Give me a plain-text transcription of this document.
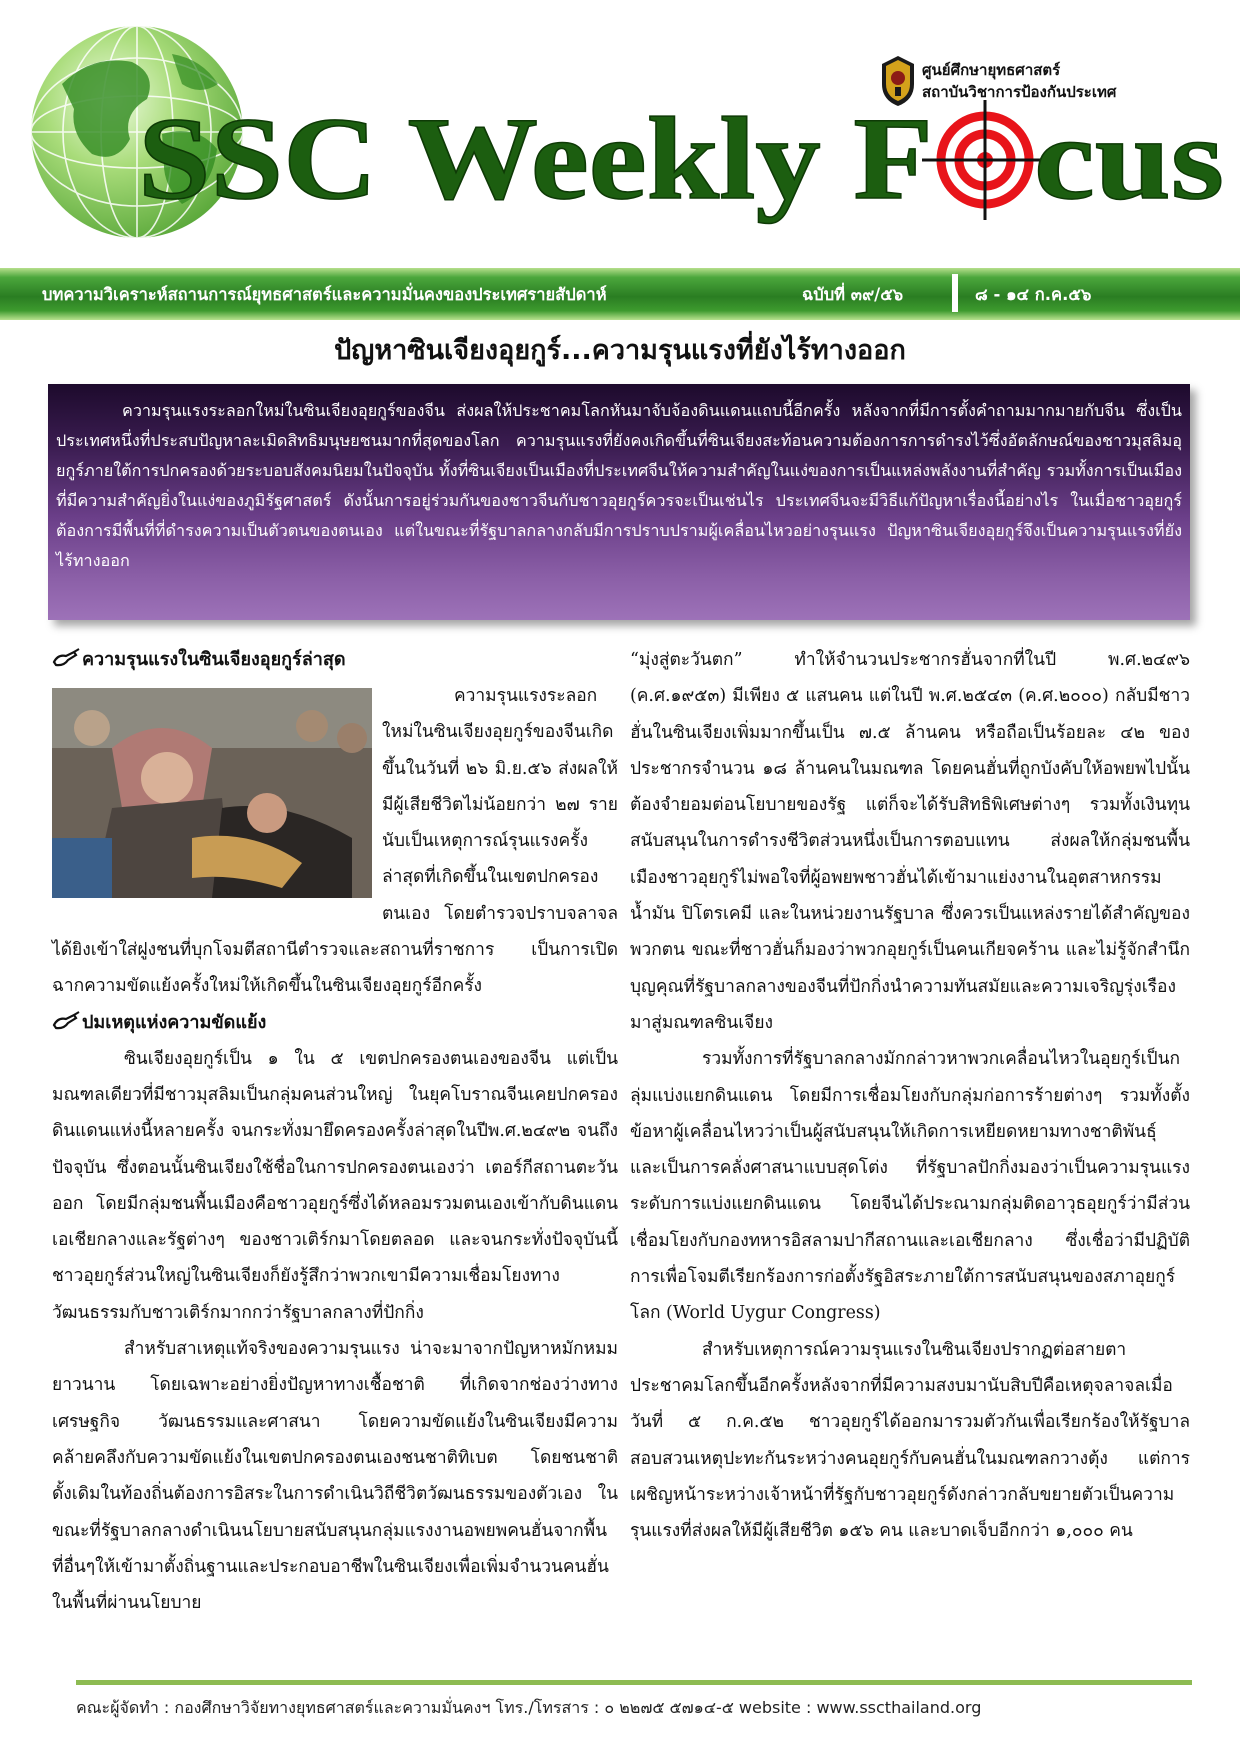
ศูนย์ศึกษายุทธศาสตร์
สถาบันวิชาการป้องกันประเทศ
SSC Weekly F cus
บทความวิเคราะห์สถานการณ์ยุทธศาสตร์และความมั่นคงของประเทศรายสัปดาห์	ฉบับที่ ๓๙/๕๖	๘ - ๑๔ ก.ค.๕๖
ปัญหาซินเจียงอุยกูร์...ความรุนแรงที่ยังไร้ทางออก

ความรุนแรงระลอกใหม่ในซินเจียงอุยกูร์ของจีน ส่งผลให้ประชาคมโลกหันมาจับจ้องดินแดนแถบนี้อีกครั้ง หลังจากที่มีการตั้งคำถามมากมายกับจีน ซึ่งเป็นประเทศหนึ่งที่ประสบปัญหาละเมิดสิทธิมนุษยชนมากที่สุดของโลก ความรุนแรงที่ยังคงเกิดขึ้นที่ซินเจียงสะท้อนความต้องการการดำรงไว้ซึ่งอัตลักษณ์ของชาวมุสลิมอุยกูร์ภายใต้การปกครองด้วยระบอบสังคมนิยมในปัจจุบัน ทั้งที่ซินเจียงเป็นเมืองที่ประเทศจีนให้ความสำคัญในแง่ของการเป็นแหล่งพลังงานที่สำคัญ รวมทั้งการเป็นเมืองที่มีความสำคัญยิ่งในแง่ของภูมิรัฐศาสตร์ ดังนั้นการอยู่ร่วมกันของชาวจีนกับชาวอุยกูร์ควรจะเป็นเช่นไร ประเทศจีนจะมีวิธีแก้ปัญหาเรื่องนี้อย่างไร ในเมื่อชาวอุยกูร์ต้องการมีพื้นที่ที่ดำรงความเป็นตัวตนของตนเอง แต่ในขณะที่รัฐบาลกลางกลับมีการปราบปรามผู้เคลื่อนไหวอย่างรุนแรง ปัญหาซินเจียงอุยกูร์จึงเป็นความรุนแรงที่ยังไร้ทางออก

ความรุนแรงในซินเจียงอุยกูร์ล่าสุด

ความรุนแรงระลอกใหม่ในซินเจียงอุยกูร์ของจีนเกิดขึ้นในวันที่ ๒๖ มิ.ย.๕๖ ส่งผลให้มีผู้เสียชีวิตไม่น้อยกว่า ๒๗ ราย นับเป็นเหตุการณ์รุนแรงครั้งล่าสุดที่เกิดขึ้นในเขตปกครองตนเอง โดยตำรวจปราบจลาจลได้ยิงเข้าใส่ฝูงชนที่บุกโจมตีสถานีตำรวจและสถานที่ราชการ เป็นการเปิดฉากความขัดแย้งครั้งใหม่ให้เกิดขึ้นในซินเจียงอุยกูร์อีกครั้ง

ปมเหตุแห่งความขัดแย้ง

ซินเจียงอุยกูร์เป็น ๑ ใน ๕ เขตปกครองตนเองของจีน แต่เป็นมณฑลเดียวที่มีชาวมุสลิมเป็นกลุ่มคนส่วนใหญ่ ในยุคโบราณจีนเคยปกครองดินแดนแห่งนี้หลายครั้ง จนกระทั่งมายึดครองครั้งล่าสุดในปีพ.ศ.๒๔๙๒ จนถึงปัจจุบัน ซึ่งตอนนั้นซินเจียงใช้ชื่อในการปกครองตนเองว่า เตอร์กีสถานตะวันออก โดยมีกลุ่มชนพื้นเมืองคือชาวอุยกูร์ซึ่งได้หลอมรวมตนเองเข้ากับดินแดนเอเชียกลางและรัฐต่างๆ ของชาวเติร์กมาโดยตลอด และจนกระทั่งปัจจุบันนี้ ชาวอุยกูร์ส่วนใหญ่ในซินเจียงก็ยังรู้สึกว่าพวกเขามีความเชื่อมโยงทางวัฒนธรรมกับชาวเติร์กมากกว่ารัฐบาลกลางที่ปักกิ่ง

สำหรับสาเหตุแท้จริงของความรุนแรง น่าจะมาจากปัญหาหมักหมมยาวนาน โดยเฉพาะอย่างยิ่งปัญหาทางเชื้อชาติ ที่เกิดจากช่องว่างทางเศรษฐกิจ วัฒนธรรมและศาสนา โดยความขัดแย้งในซินเจียงมีความคล้ายคลึงกับความขัดแย้งในเขตปกครองตนเองชนชาติทิเบต โดยชนชาติดั้งเดิมในท้องถิ่นต้องการอิสระในการดำเนินวิถีชีวิตวัฒนธรรมของตัวเอง ในขณะที่รัฐบาลกลางดำเนินนโยบายสนับสนุนกลุ่มแรงงานอพยพคนฮั่นจากพื้นที่อื่นๆให้เข้ามาตั้งถิ่นฐานและประกอบอาชีพในซินเจียงเพื่อเพิ่มจำนวนคนฮั่นในพื้นที่ผ่านนโยบาย

“มุ่งสู่ตะวันตก” ทำให้จำนวนประชากรฮั่นจากที่ในปี พ.ศ.๒๔๙๖ (ค.ศ.๑๙๕๓) มีเพียง ๕ แสนคน แต่ในปี พ.ศ.๒๕๔๓ (ค.ศ.๒๐๐๐) กลับมีชาวฮั่นในซินเจียงเพิ่มมากขึ้นเป็น ๗.๕ ล้านคน หรือถือเป็นร้อยละ ๔๒ ของประชากรจำนวน ๑๘ ล้านคนในมณฑล โดยคนฮั่นที่ถูกบังคับให้อพยพไปนั้นต้องจำยอมต่อนโยบายของรัฐ แต่ก็จะได้รับสิทธิพิเศษต่างๆ รวมทั้งเงินทุนสนับสนุนในการดำรงชีวิตส่วนหนึ่งเป็นการตอบแทน ส่งผลให้กลุ่มชนพื้นเมืองชาวอุยกูร์ไม่พอใจที่ผู้อพยพชาวฮั่นได้เข้ามาแย่งงานในอุตสาหกรรมน้ำมัน ปิโตรเคมี และในหน่วยงานรัฐบาล ซึ่งควรเป็นแหล่งรายได้สำคัญของพวกตน ขณะที่ชาวฮั่นก็มองว่าพวกอุยกูร์เป็นคนเกียจคร้าน และไม่รู้จักสำนึกบุญคุณที่รัฐบาลกลางของจีนที่ปักกิ่งนำความทันสมัยและความเจริญรุ่งเรืองมาสู่มณฑลซินเจียง

รวมทั้งการที่รัฐบาลกลางมักกล่าวหาพวกเคลื่อนไหวในอุยกูร์เป็นกลุ่มแบ่งแยกดินแดน โดยมีการเชื่อมโยงกับกลุ่มก่อการร้ายต่างๆ รวมทั้งตั้งข้อหาผู้เคลื่อนไหวว่าเป็นผู้สนับสนุนให้เกิดการเหยียดหยามทางชาติพันธุ์ และเป็นการคลั่งศาสนาแบบสุดโต่ง ที่รัฐบาลปักกิ่งมองว่าเป็นความรุนแรงระดับการแบ่งแยกดินแดน โดยจีนได้ประณามกลุ่มติดอาวุธอุยกูร์ว่ามีส่วนเชื่อมโยงกับกองทหารอิสลามปากีสถานและเอเชียกลาง ซึ่งเชื่อว่ามีปฏิบัติการเพื่อโจมตีเรียกร้องการก่อตั้งรัฐอิสระภายใต้การสนับสนุนของสภาอุยกูร์โลก (World Uygur Congress)

สำหรับเหตุการณ์ความรุนแรงในซินเจียงปรากฏต่อสายตาประชาคมโลกขึ้นอีกครั้งหลังจากที่มีความสงบมานับสิบปีคือเหตุจลาจลเมื่อวันที่ ๕ ก.ค.๕๒ ชาวอุยกูร์ได้ออกมารวมตัวกันเพื่อเรียกร้องให้รัฐบาลสอบสวนเหตุปะทะกันระหว่างคนอุยกูร์กับคนฮั่นในมณฑลกวางตุ้ง แต่การเผชิญหน้าระหว่างเจ้าหน้าที่รัฐกับชาวอุยกูร์ดังกล่าวกลับขยายตัวเป็นความรุนแรงที่ส่งผลให้มีผู้เสียชีวิต ๑๕๖ คน และบาดเจ็บอีกกว่า ๑,๐๐๐ คน

คณะผู้จัดทำ : กองศึกษาวิจัยทางยุทธศาสตร์และความมั่นคงฯ โทร./โทรสาร : ๐ ๒๒๗๕ ๕๗๑๔-๕ website : www.sscthailand.org
